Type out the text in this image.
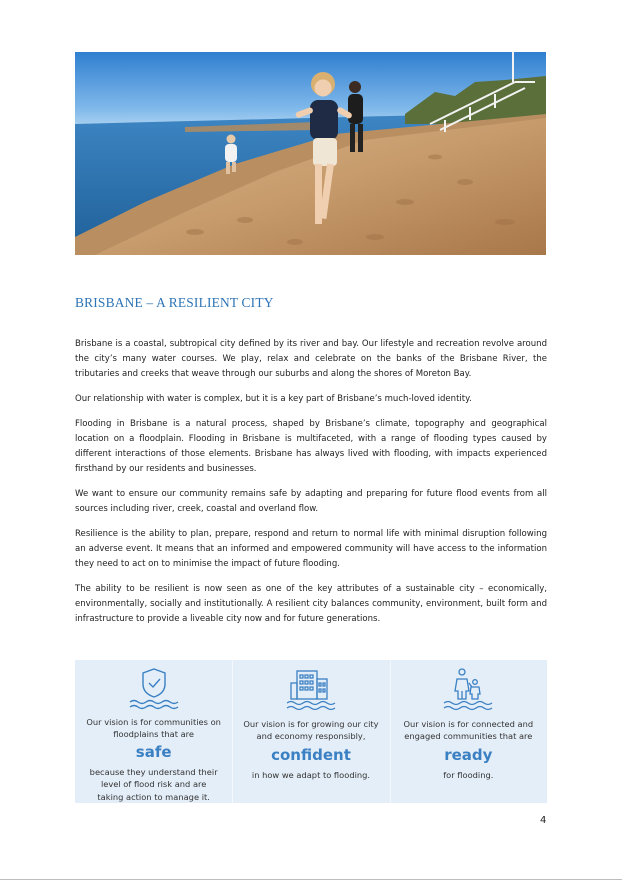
BRISBANE – A RESILIENT CITY

Brisbane is a coastal, subtropical city defined by its river and bay. Our lifestyle and recreation revolve around the city’s many water courses. We play, relax and celebrate on the banks of the Brisbane River, the tributaries and creeks that weave through our suburbs and along the shores of Moreton Bay.

Our relationship with water is complex, but it is a key part of Brisbane’s much-loved identity.

Flooding in Brisbane is a natural process, shaped by Brisbane’s climate, topography and geographical location on a floodplain. Flooding in Brisbane is multifaceted, with a range of flooding types caused by different interactions of those elements. Brisbane has always lived with flooding, with impacts experienced firsthand by our residents and businesses.

We want to ensure our community remains safe by adapting and preparing for future flood events from all sources including river, creek, coastal and overland flow.

Resilience is the ability to plan, prepare, respond and return to normal life with minimal disruption following an adverse event. It means that an informed and empowered community will have access to the information they need to act on to minimise the impact of future flooding.

The ability to be resilient is now seen as one of the key attributes of a sustainable city – economically, environmentally, socially and institutionally. A resilient city balances community, environment, built form and infrastructure to provide a liveable city now and for future generations.

Our vision is for communities on floodplains that are
safe
because they understand their level of flood risk and are taking action to manage it.
Our vision is for growing our city and economy responsibly,
confident
in how we adapt to flooding.
Our vision is for connected and engaged communities that are
ready
for flooding.
4
